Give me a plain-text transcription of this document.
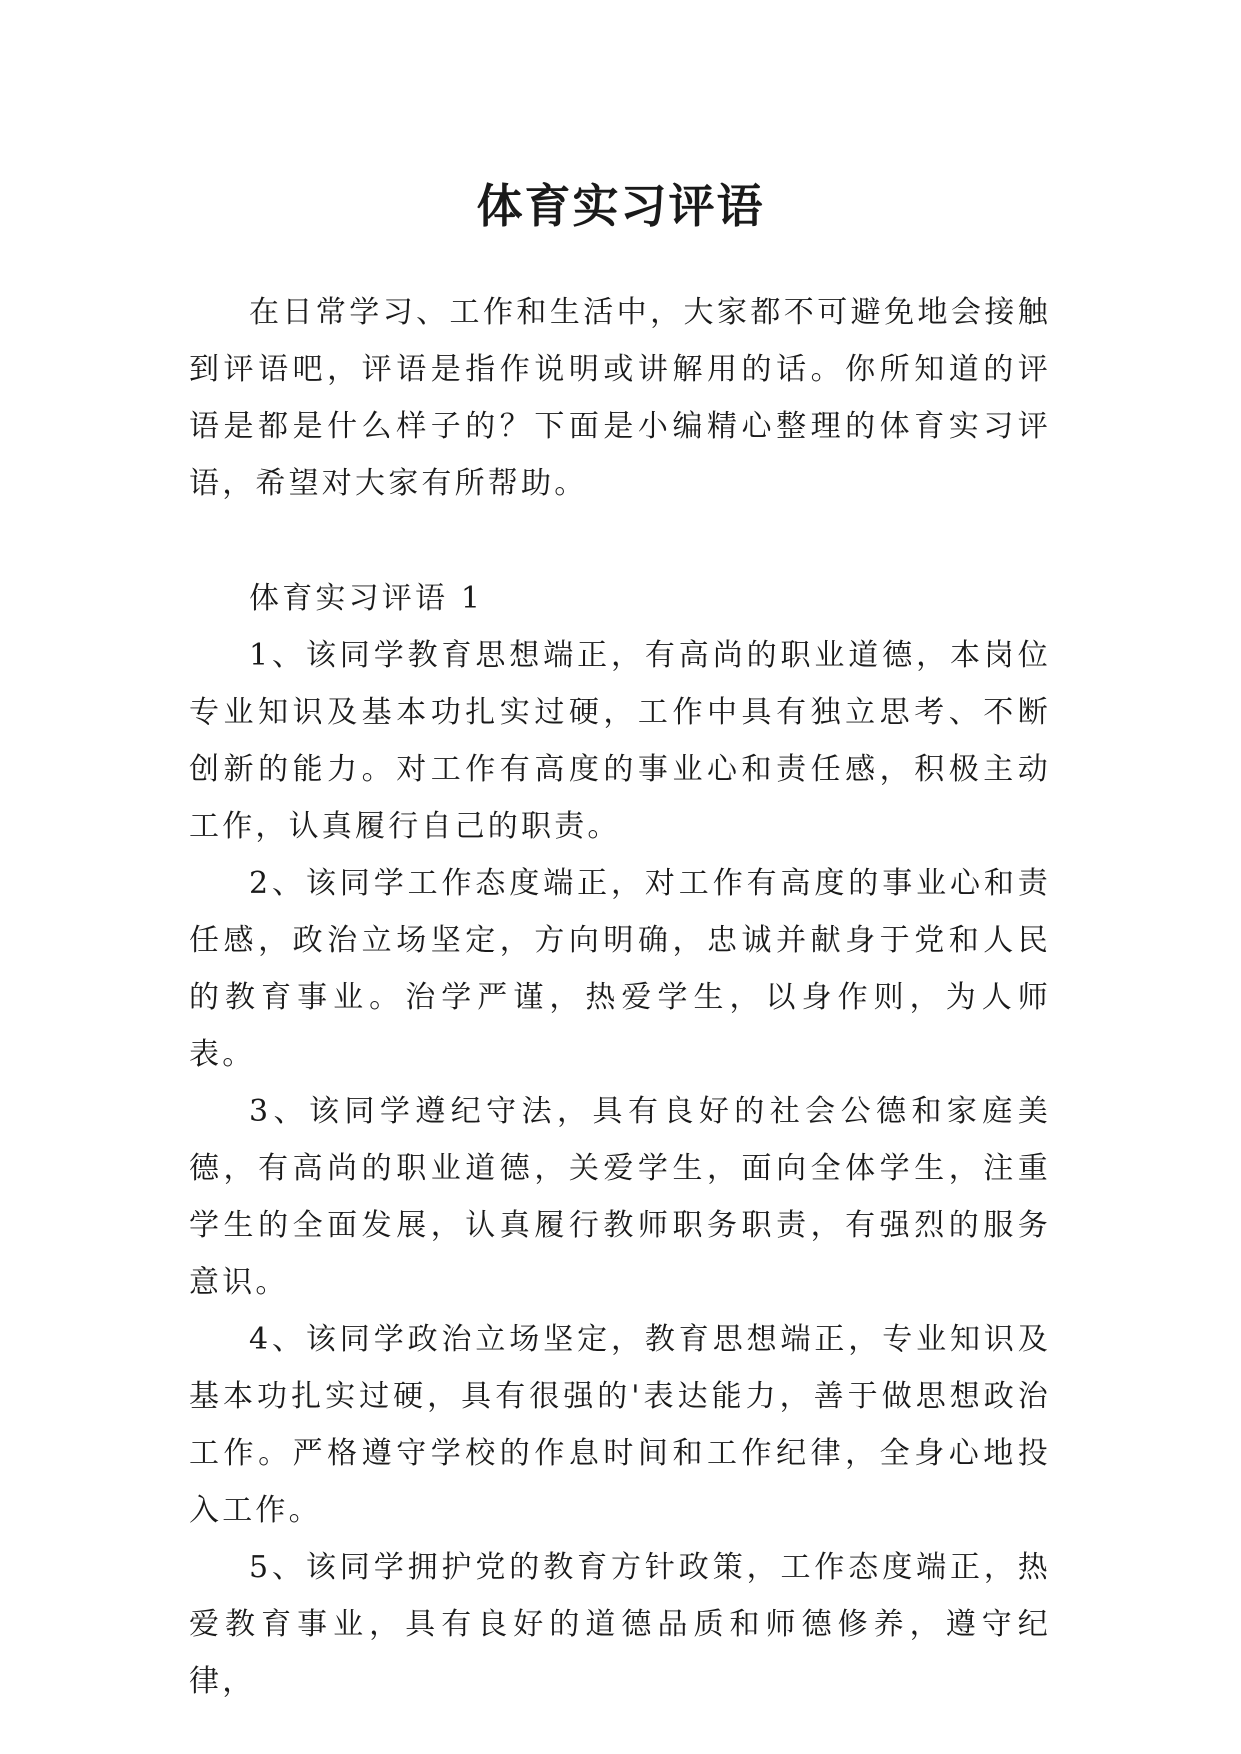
体育实习评语

在日常学习、工作和生活中，大家都不可避免地会接触到评语吧，评语是指作说明或讲解用的话。你所知道的评语是都是什么样子的？下面是小编精心整理的体育实习评语，希望对大家有所帮助。

体育实习评语 1

1、该同学教育思想端正，有高尚的职业道德，本岗位专业知识及基本功扎实过硬，工作中具有独立思考、不断创新的能力。对工作有高度的事业心和责任感，积极主动工作，认真履行自己的职责。

2、该同学工作态度端正，对工作有高度的事业心和责任感，政治立场坚定，方向明确，忠诚并献身于党和人民的教育事业。治学严谨，热爱学生，以身作则，为人师表。

3、该同学遵纪守法，具有良好的社会公德和家庭美德，有高尚的职业道德，关爱学生，面向全体学生，注重学生的全面发展，认真履行教师职务职责，有强烈的服务意识。

4、该同学政治立场坚定，教育思想端正，专业知识及基本功扎实过硬，具有很强的'表达能力，善于做思想政治工作。严格遵守学校的作息时间和工作纪律，全身心地投入工作。

5、该同学拥护党的教育方针政策，工作态度端正，热爱教育事业，具有良好的道德品质和师德修养，遵守纪律，
